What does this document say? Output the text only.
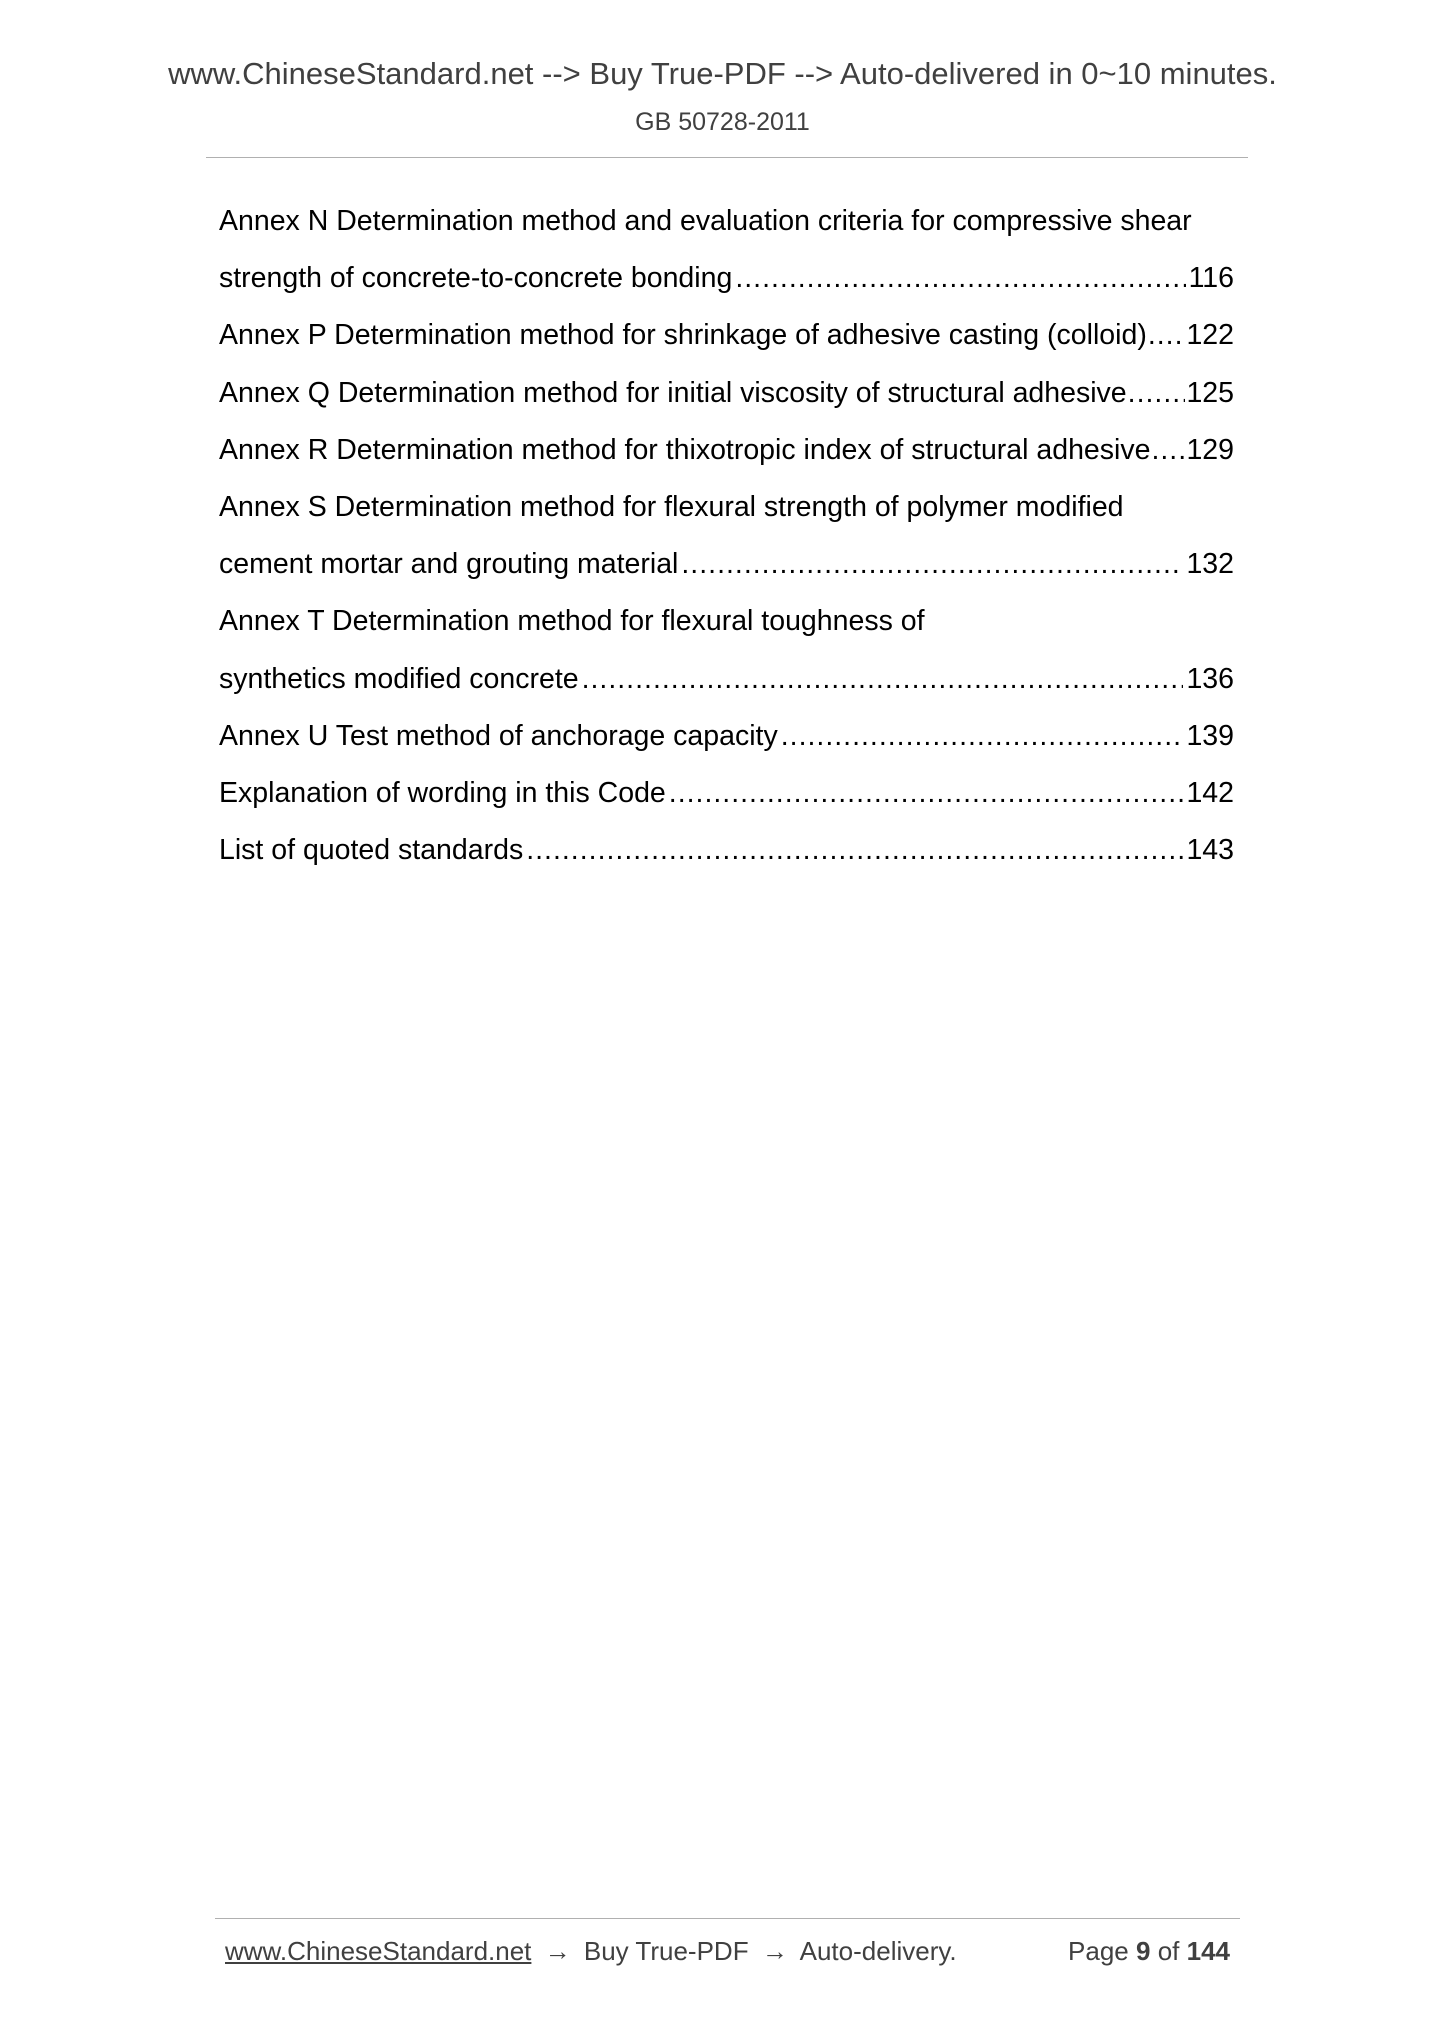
www.ChineseStandard.net --> Buy True-PDF --> Auto-delivered in 0~10 minutes.
GB 50728-2011
Annex N Determination method and evaluation criteria for compressive shear
strength of concrete-to-concrete bonding .....	116
Annex P Determination method for shrinkage of adhesive casting (colloid) ..... 122
Annex Q Determination method for initial viscosity of structural adhesive ..... 125
Annex R Determination method for thixotropic index of structural adhesive ..... 129
Annex S Determination method for flexural strength of polymer modified
cement mortar and grouting material .....	132
Annex T Determination method for flexural toughness of
synthetics modified concrete .....	136
Annex U Test method of anchorage capacity .....	139
Explanation of wording in this Code .....	142
List of quoted standards .....	143
www.ChineseStandard.net → Buy True-PDF → Auto-delivery.	Page 9 of 144
